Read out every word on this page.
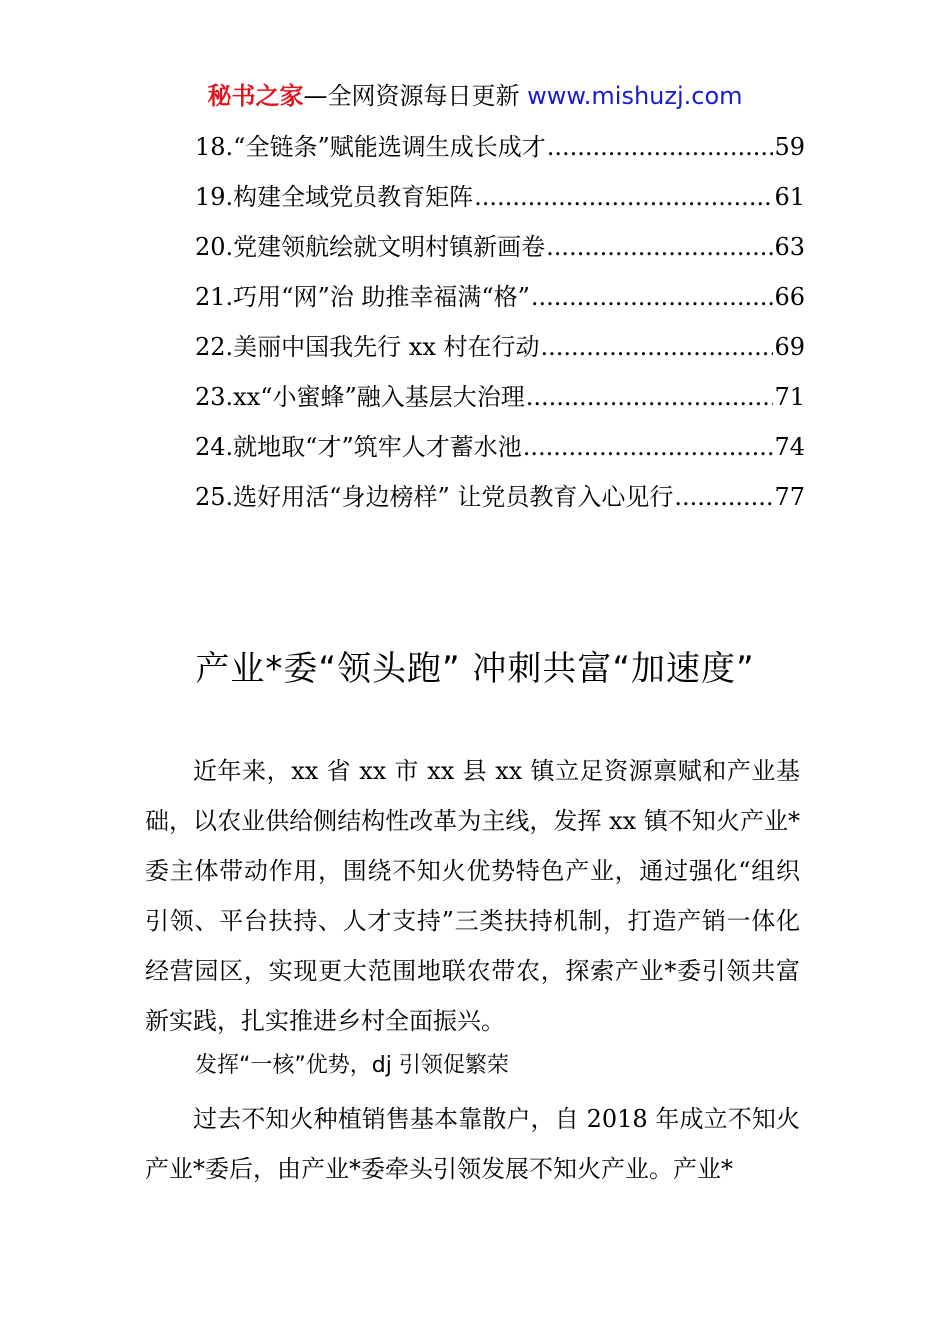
秘书之家—全网资源每日更新 www.mishuzj.com
18. “全链条”赋能选调生成长成才 .....	59
19. 构建全域党员教育矩阵 .....	61
20. 党建领航绘就文明村镇新画卷 .....	63
21. 巧用“网”治 助推幸福满“格” .....	66
22. 美丽中国我先行 xx 村在行动 .....	69
23. xx“小蜜蜂”融入基层大治理 .....	71
24. 就地取“才”筑牢人才蓄水池 .....	74
25. 选好用活“身边榜样” 让党员教育入心见行 .....	77
产业*委“领头跑” 冲刺共富“加速度”

近年来，xx 省 xx 市 xx 县 xx 镇立足资源禀赋和产业基础，以农业供给侧结构性改革为主线，发挥 xx 镇不知火产业*委主体带动作用，围绕不知火优势特色产业，通过强化“组织引领、平台扶持、人才支持”三类扶持机制，打造产销一体化经营园区，实现更大范围地联农带农，探索产业*委引领共富新实践，扎实推进乡村全面振兴。

发挥“一核”优势，dj 引领促繁荣

过去不知火种植销售基本靠散户，自 2018 年成立不知火产业*委后，由产业*委牵头引领发展不知火产业。产业*
